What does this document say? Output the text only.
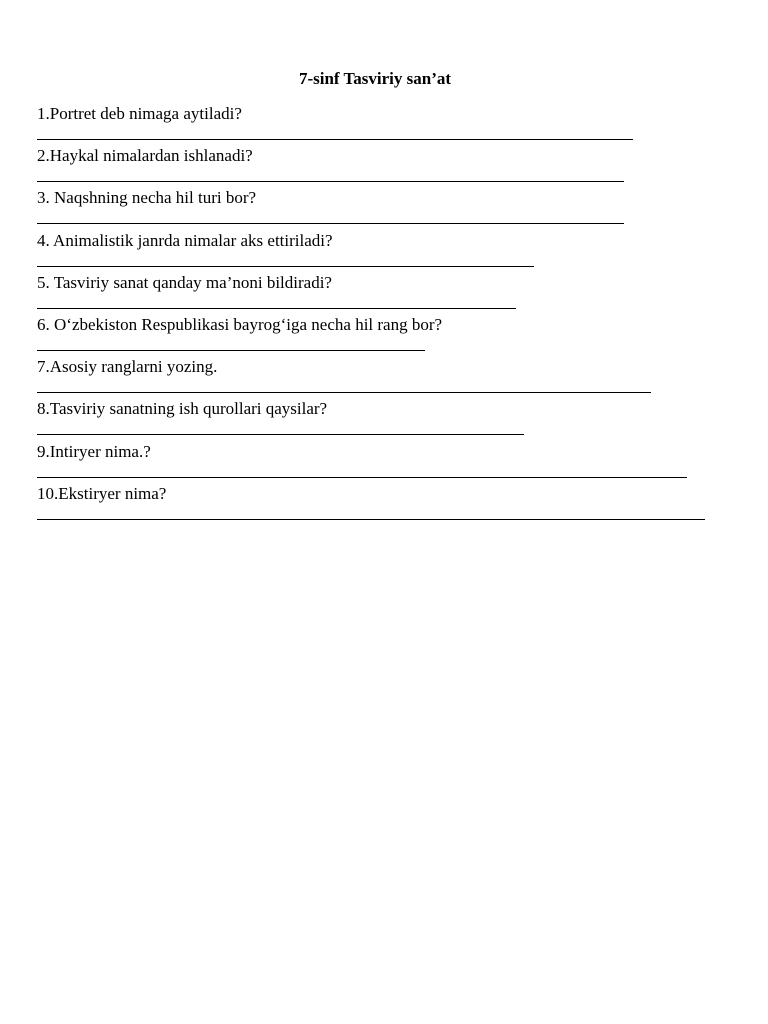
7-sinf Tasviriy san’at
1.Portret deb nimaga aytiladi?
2.Haykal nimalardan ishlanadi?
3. Naqshning necha hil turi bor?
4. Animalistik janrda nimalar aks ettiriladi?
5. Tasviriy sanat qanday ma’noni bildiradi?
6. O‘zbekiston Respublikasi bayrog‘iga necha hil rang bor?
7.Asosiy ranglarni yozing.
8.Tasviriy sanatning ish qurollari qaysilar?
9.Intiryer nima.?
10.Ekstiryer nima?
